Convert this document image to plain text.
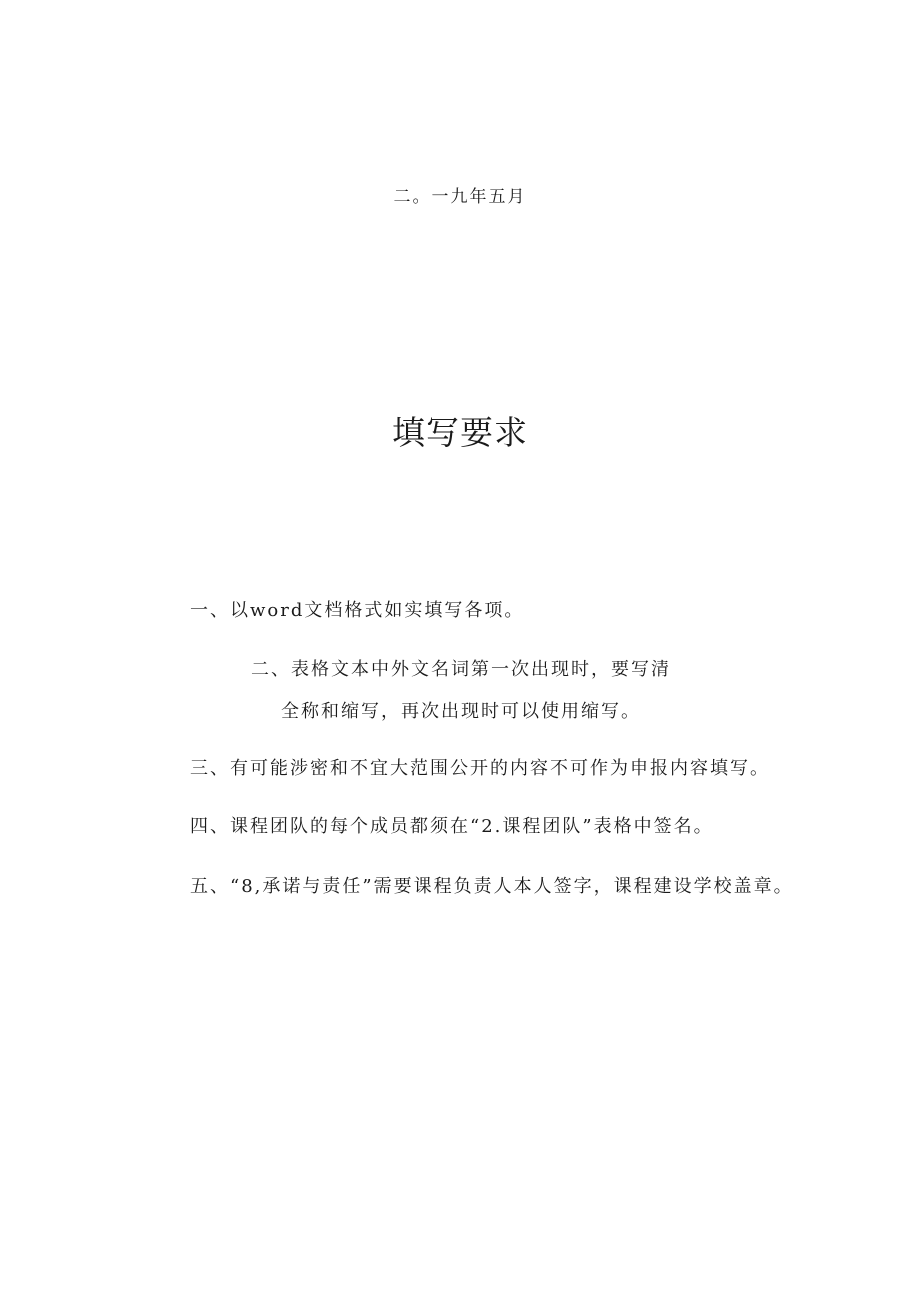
二。一九年五月
填写要求
一、以word文档格式如实填写各项。
二、表格文本中外文名词第一次出现时，要写清
全称和缩写，再次出现时可以使用缩写。
三、有可能涉密和不宜大范围公开的内容不可作为申报内容填写。
四、课程团队的每个成员都须在“2.课程团队”表格中签名。
五、“8,承诺与责任”需要课程负责人本人签字，课程建设学校盖章。
